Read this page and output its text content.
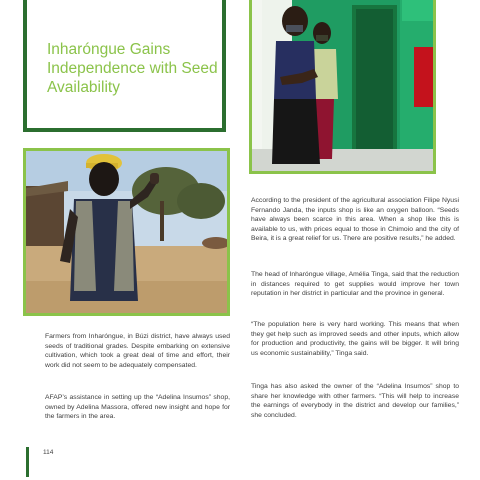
Inharóngue Gains Independence with Seed Availability

According to the president of the agricultural association Filipe Nyusi Fernando Janda, the inputs shop is like an oxygen balloon. “Seeds have always been scarce in this area. When a shop like this is available to us, with prices equal to those in Chimoio and the city of Beira, it is a great relief for us. There are positive results,” he added.

The head of Inharóngue village, Amélia Tinga, said that the reduction in distances required to get supplies would improve her town reputation in her district in particular and the province in general.

“The population here is very hard working. This means that when they get help such as improved seeds and other inputs, which allow for production and productivity, the gains will be bigger. It will bring us economic sustainability,” Tinga said.

Tinga has also asked the owner of the “Adelina Insumos” shop to share her knowledge with other farmers. “This will help to increase the earnings of everybody in the district and develop our families,” she concluded.

Farmers from Inharóngue, in Búzi district, have always used seeds of traditional grades. Despite embarking on extensive cultivation, which took a great deal of time and effort, their work did not seem to be adequately compensated.

AFAP’s assistance in setting up the “Adelina Insumos” shop, owned by Adelina Massora, offered new insight and hope for the farmers in the area.

114
